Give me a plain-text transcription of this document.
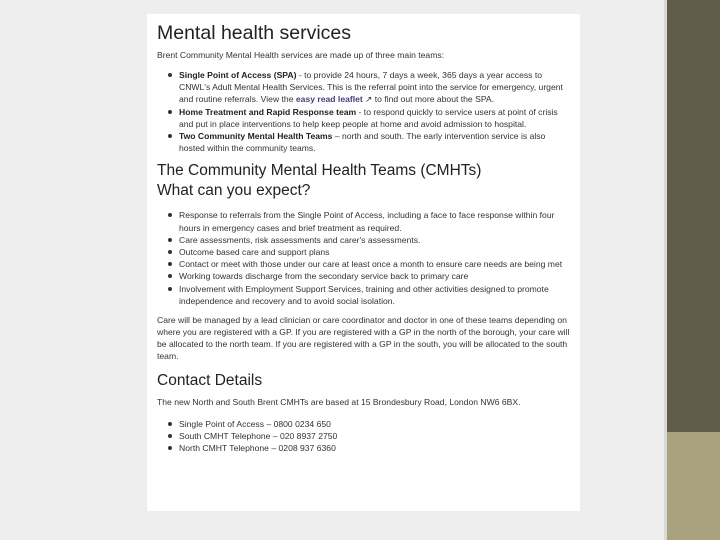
Mental health services

Brent Community Mental Health services are made up of three main teams:

Single Point of Access (SPA) - to provide 24 hours, 7 days a week, 365 days a year access to CNWL's Adult Mental Health Services. This is the referral point into the service for emergency, urgent and routine referrals. View the easy read leaflet ↗ to find out more about the SPA.
Home Treatment and Rapid Response team - to respond quickly to service users at point of crisis and put in place interventions to help keep people at home and avoid admission to hospital.
Two Community Mental Health Teams – north and south. The early intervention service is also hosted within the community teams.
The Community Mental Health Teams (CMHTs)
What can you expect?
Response to referrals from the Single Point of Access, including a face to face response within four hours in emergency cases and brief treatment as required.
Care assessments, risk assessments and carer's assessments.
Outcome based care and support plans
Contact or meet with those under our care at least once a month to ensure care needs are being met
Working towards discharge from the secondary service back to primary care
Involvement with Employment Support Services, training and other activities designed to promote independence and recovery and to avoid social isolation.

Care will be managed by a lead clinician or care coordinator and doctor in one of these teams depending on where you are registered with a GP. If you are registered with a GP in the north of the borough, your care will be allocated to the north team. If you are registered with a GP in the south, you will be allocated to the south team.

Contact Details

The new North and South Brent CMHTs are based at 15 Brondesbury Road, London NW6 6BX.

Single Point of Access – 0800 0234 650
South CMHT Telephone – 020 8937 2750
North CMHT Telephone – 0208 937 6360
